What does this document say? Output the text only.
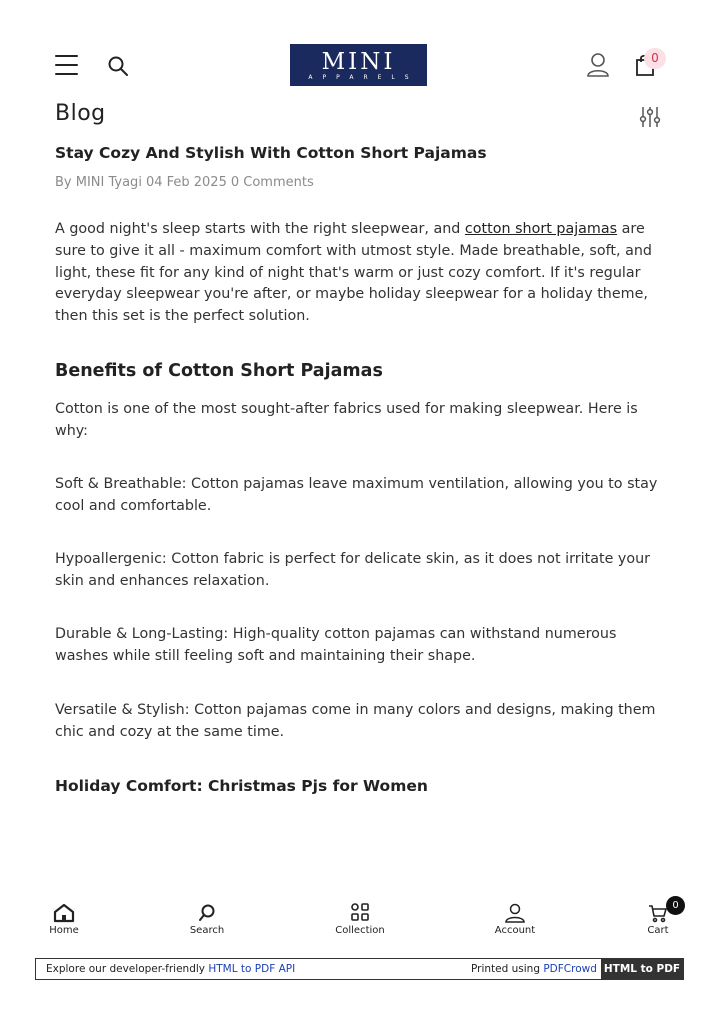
MINI
APPARELS
0
Blog
Stay Cozy And Stylish With Cotton Short Pajamas
By MINI Tyagi 04 Feb 2025 0 Comments
A good night's sleep starts with the right sleepwear, and cotton short pajamas are sure to give it all - maximum comfort with utmost style. Made breathable, soft, and light, these fit for any kind of night that's warm or just cozy comfort. If it's regular everyday sleepwear you're after, or maybe holiday sleepwear for a holiday theme, then this set is the perfect solution.
Benefits of Cotton Short Pajamas
Cotton is one of the most sought-after fabrics used for making sleepwear. Here is why:
Soft & Breathable: Cotton pajamas leave maximum ventilation, allowing you to stay cool and comfortable.
Hypoallergenic: Cotton fabric is perfect for delicate skin, as it does not irritate your skin and enhances relaxation.
Durable & Long-Lasting: High-quality cotton pajamas can withstand numerous washes while still feeling soft and maintaining their shape.
Versatile & Stylish: Cotton pajamas come in many colors and designs, making them chic and cozy at the same time.
Holiday Comfort: Christmas Pjs for Women
Home	Search	Collection	Account	Cart
0
Explore our developer-friendly HTML to PDF API	Printed using PDFCrowd HTML to PDF
